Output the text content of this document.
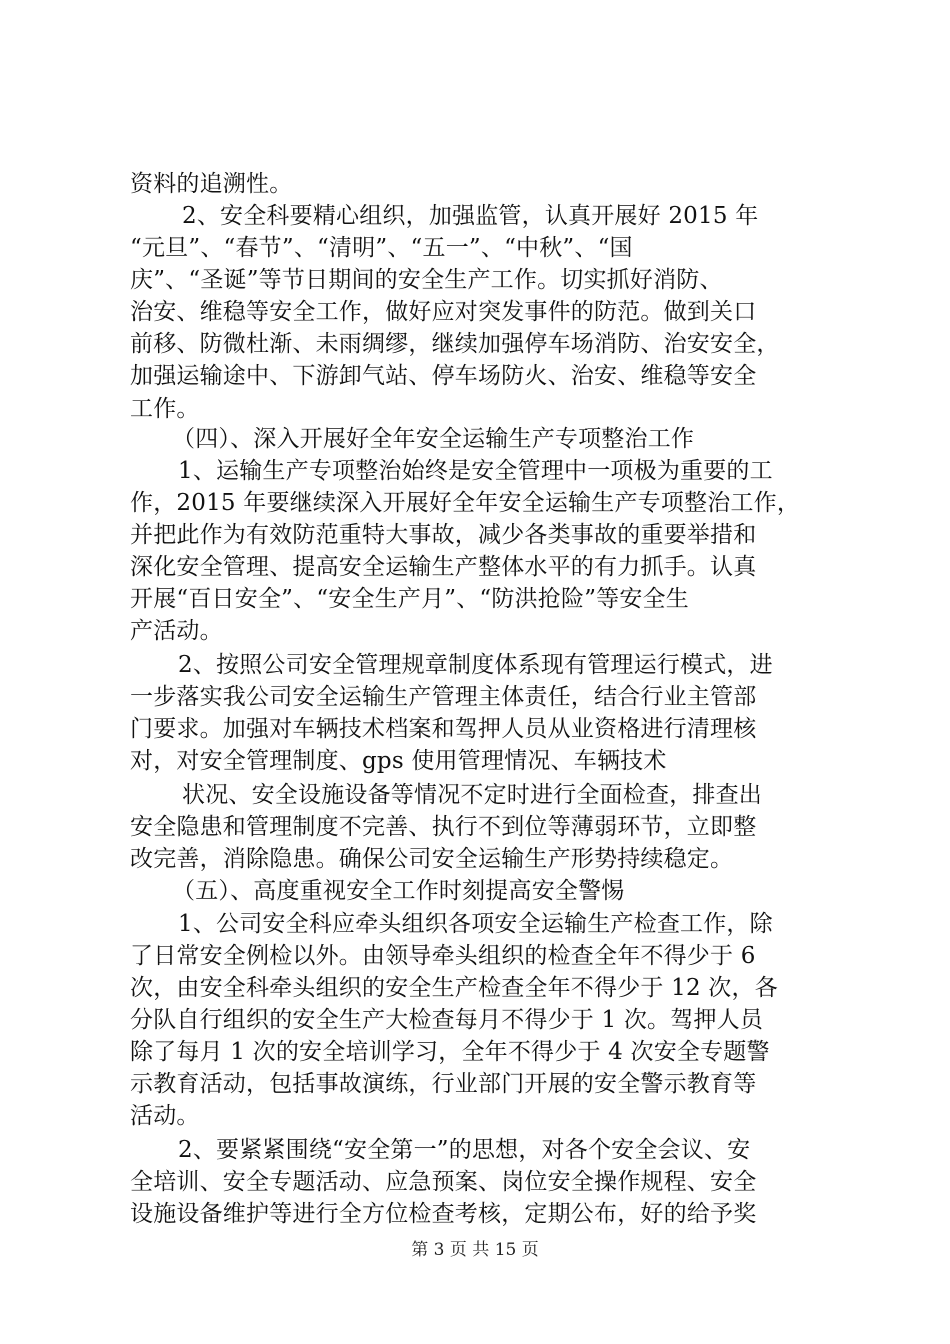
资料的追溯性。
2、安全科要精心组织，加强监管，认真开展好 2015 年
“元旦”、“春节”、“清明”、“五一”、“中秋”、“国
庆”、“圣诞”等节日期间的安全生产工作。切实抓好消防、
治安、维稳等安全工作，做好应对突发事件的防范。做到关口
前移、防微杜渐、未雨绸缪，继续加强停车场消防、治安安全，
加强运输途中、下游卸气站、停车场防火、治安、维稳等安全
工作。
（四）、深入开展好全年安全运输生产专项整治工作
1、运输生产专项整治始终是安全管理中一项极为重要的工
作，2015 年要继续深入开展好全年安全运输生产专项整治工作，
并把此作为有效防范重特大事故，减少各类事故的重要举措和
深化安全管理、提高安全运输生产整体水平的有力抓手。认真
开展“百日安全”、“安全生产月”、“防洪抢险”等安全生
产活动。
2、按照公司安全管理规章制度体系现有管理运行模式，进
一步落实我公司安全运输生产管理主体责任，结合行业主管部
门要求。加强对车辆技术档案和驾押人员从业资格进行清理核
对，对安全管理制度、gps 使用管理情况、车辆技术
状况、安全设施设备等情况不定时进行全面检查，排查出
安全隐患和管理制度不完善、执行不到位等薄弱环节，立即整
改完善，消除隐患。确保公司安全运输生产形势持续稳定。
（五）、高度重视安全工作时刻提高安全警惕
1、公司安全科应牵头组织各项安全运输生产检查工作，除
了日常安全例检以外。由领导牵头组织的检查全年不得少于 6
次，由安全科牵头组织的安全生产检查全年不得少于 12 次，各
分队自行组织的安全生产大检查每月不得少于 1 次。驾押人员
除了每月 1 次的安全培训学习，全年不得少于 4 次安全专题警
示教育活动，包括事故演练，行业部门开展的安全警示教育等
活动。
2、要紧紧围绕“安全第一”的思想，对各个安全会议、安
全培训、安全专题活动、应急预案、岗位安全操作规程、安全
设施设备维护等进行全方位检查考核，定期公布，好的给予奖
第 3 页 共 15 页
